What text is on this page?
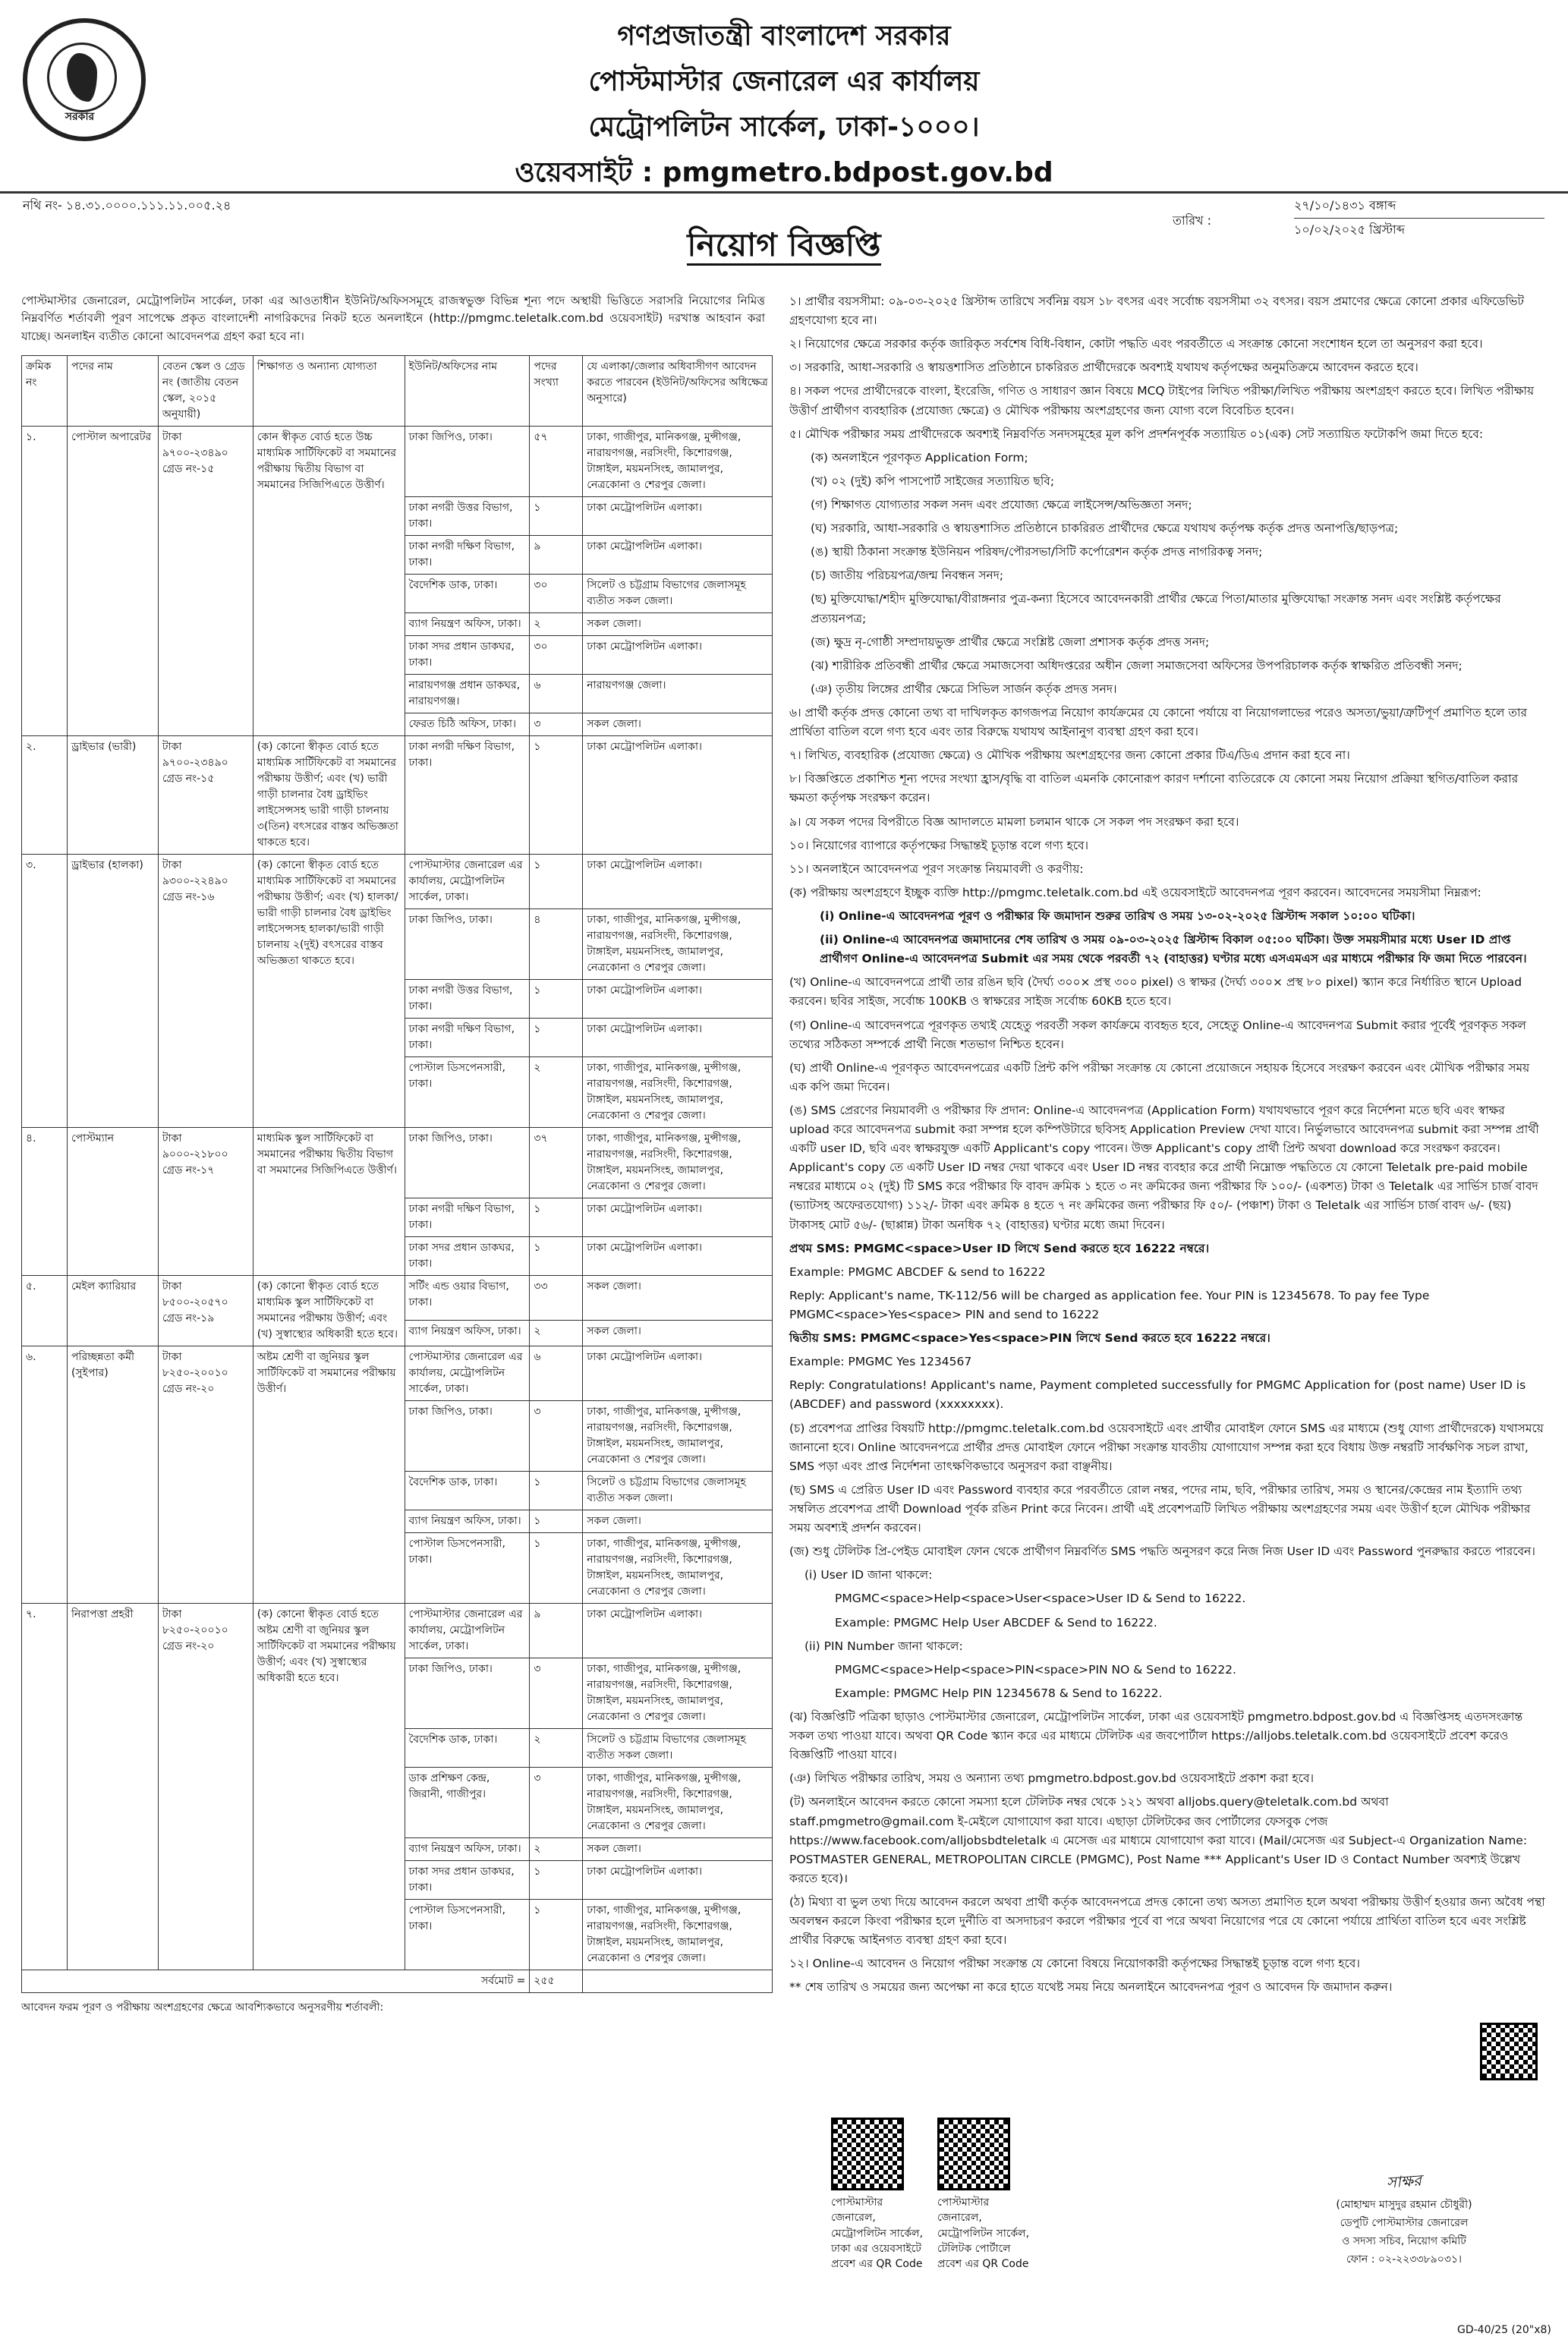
সরকার
গণপ্রজাতন্ত্রী বাংলাদেশ সরকার
পোস্টমাস্টার জেনারেল এর কার্যালয়
মেট্রোপলিটন সার্কেল, ঢাকা-১০০০।
ওয়েবসাইট : pmgmetro.bdpost.gov.bd
নথি নং- ১৪.৩১.০০০০.১১১.১১.০০৫.২৪
তারিখ :
২৭/১০/১৪৩১ বঙ্গাব্দ
১০/০২/২০২৫ খ্রিস্টাব্দ
নিয়োগ বিজ্ঞপ্তি
পোস্টমাস্টার জেনারেল, মেট্রোপলিটন সার্কেল, ঢাকা এর আওতাধীন ইউনিট/অফিসসমূহে রাজস্বভুক্ত বিভিন্ন শূন্য পদে অস্থায়ী ভিত্তিতে সরাসরি নিয়োগের নিমিত্ত নিম্নবর্ণিত শর্তাবলী পূরণ সাপেক্ষে প্রকৃত বাংলাদেশী নাগরিকদের নিকট হতে অনলাইনে (http://pmgmc.teletalk.com.bd ওয়েবসাইট) দরখাস্ত আহবান করা যাচ্ছে। অনলাইন ব্যতীত কোনো আবেদনপত্র গ্রহণ করা হবে না।
ক্রমিক নং	পদের নাম	বেতন স্কেল ও গ্রেড নং (জাতীয় বেতন স্কেল, ২০১৫ অনুযায়ী)	শিক্ষাগত ও অন্যান্য যোগ্যতা	ইউনিট/অফিসের নাম	পদের সংখ্যা	যে এলাকা/জেলার অধিবাসীগণ আবেদন করতে পারবেন (ইউনিট/অফিসের অধিক্ষেত্র অনুসারে)
১.	পোস্টাল অপারেটর	টাকা ৯৭০০-২৩৪৯০ গ্রেড নং-১৫	কোন স্বীকৃত বোর্ড হতে উচ্চ মাধ্যমিক সার্টিফিকেট বা সমমানের পরীক্ষায় দ্বিতীয় বিভাগ বা সমমানের সিজিপিএতে উত্তীর্ণ।	ঢাকা জিপিও, ঢাকা।	৫৭	ঢাকা, গাজীপুর, মানিকগঞ্জ, মুন্সীগঞ্জ, নারায়ণগঞ্জ, নরসিংদী, কিশোরগঞ্জ, টাঙ্গাইল, ময়মনসিংহ, জামালপুর, নেত্রকোনা ও শেরপুর জেলা।
				ঢাকা নগরী উত্তর বিভাগ, ঢাকা।	১	ঢাকা মেট্রোপলিটন এলাকা।
				ঢাকা নগরী দক্ষিণ বিভাগ, ঢাকা।	৯	ঢাকা মেট্রোপলিটন এলাকা।
				বৈদেশিক ডাক, ঢাকা।	৩০	সিলেট ও চট্টগ্রাম বিভাগের জেলাসমূহ ব্যতীত সকল জেলা।
				ব্যাগ নিয়ন্ত্রণ অফিস, ঢাকা।	২	সকল জেলা।
				ঢাকা সদর প্রধান ডাকঘর, ঢাকা।	৩০	ঢাকা মেট্রোপলিটন এলাকা।
				নারায়ণগঞ্জ প্রধান ডাকঘর, নারায়ণগঞ্জ।	৬	নারায়ণগঞ্জ জেলা।
				ফেরত চিঠি অফিস, ঢাকা।	৩	সকল জেলা।
২.	ড্রাইভার (ভারী)	টাকা ৯৭০০-২৩৪৯০ গ্রেড নং-১৫	(ক) কোনো স্বীকৃত বোর্ড হতে মাধ্যমিক সার্টিফিকেট বা সমমানের পরীক্ষায় উত্তীর্ণ; এবং (খ) ভারী গাড়ী চালনার বৈধ ড্রাইভিং লাইসেন্সসহ ভারী গাড়ী চালনায় ৩(তিন) বৎসরের বাস্তব অভিজ্ঞতা থাকতে হবে।	ঢাকা নগরী দক্ষিণ বিভাগ, ঢাকা।	১	ঢাকা মেট্রোপলিটন এলাকা।
৩.	ড্রাইভার (হালকা)	টাকা ৯৩০০-২২৪৯০ গ্রেড নং-১৬	(ক) কোনো স্বীকৃত বোর্ড হতে মাধ্যমিক সার্টিফিকেট বা সমমানের পরীক্ষায় উত্তীর্ণ; এবং (খ) হালকা/ভারী গাড়ী চালনার বৈধ ড্রাইভিং লাইসেন্সসহ হালকা/ভারী গাড়ী চালনায় ২(দুই) বৎসরের বাস্তব অভিজ্ঞতা থাকতে হবে।	পোস্টমাস্টার জেনারেল এর কার্যালয়, মেট্রোপলিটন সার্কেল, ঢাকা।	১	ঢাকা মেট্রোপলিটন এলাকা।
				ঢাকা জিপিও, ঢাকা।	৪	ঢাকা, গাজীপুর, মানিকগঞ্জ, মুন্সীগঞ্জ, নারায়ণগঞ্জ, নরসিংদী, কিশোরগঞ্জ, টাঙ্গাইল, ময়মনসিংহ, জামালপুর, নেত্রকোনা ও শেরপুর জেলা।
				ঢাকা নগরী উত্তর বিভাগ, ঢাকা।	১	ঢাকা মেট্রোপলিটন এলাকা।
				ঢাকা নগরী দক্ষিণ বিভাগ, ঢাকা।	১	ঢাকা মেট্রোপলিটন এলাকা।
				পোস্টাল ডিসপেনসারী, ঢাকা।	২	ঢাকা, গাজীপুর, মানিকগঞ্জ, মুন্সীগঞ্জ, নারায়ণগঞ্জ, নরসিংদী, কিশোরগঞ্জ, টাঙ্গাইল, ময়মনসিংহ, জামালপুর, নেত্রকোনা ও শেরপুর জেলা।
৪.	পোস্টম্যান	টাকা ৯০০০-২১৮০০ গ্রেড নং-১৭	মাধ্যমিক স্কুল সার্টিফিকেট বা সমমানের পরীক্ষায় দ্বিতীয় বিভাগ বা সমমানের সিজিপিএতে উত্তীর্ণ।	ঢাকা জিপিও, ঢাকা।	৩৭	ঢাকা, গাজীপুর, মানিকগঞ্জ, মুন্সীগঞ্জ, নারায়ণগঞ্জ, নরসিংদী, কিশোরগঞ্জ, টাঙ্গাইল, ময়মনসিংহ, জামালপুর, নেত্রকোনা ও শেরপুর জেলা।
				ঢাকা নগরী দক্ষিণ বিভাগ, ঢাকা।	১	ঢাকা মেট্রোপলিটন এলাকা।
				ঢাকা সদর প্রধান ডাকঘর, ঢাকা।	১	ঢাকা মেট্রোপলিটন এলাকা।
৫.	মেইল ক্যারিয়ার	টাকা ৮৫০০-২০৫৭০ গ্রেড নং-১৯	(ক) কোনো স্বীকৃত বোর্ড হতে মাধ্যমিক স্কুল সার্টিফিকেট বা সমমানের পরীক্ষায় উত্তীর্ণ; এবং (খ) সুস্বাস্থ্যের অধিকারী হতে হবে।	সর্টিং এন্ড ওয়ার বিভাগ, ঢাকা।	৩৩	সকল জেলা।
				ব্যাগ নিয়ন্ত্রণ অফিস, ঢাকা।	২	সকল জেলা।
৬.	পরিচ্ছন্নতা কর্মী (সুইপার)	টাকা ৮২৫০-২০০১০ গ্রেড নং-২০	অষ্টম শ্রেণী বা জুনিয়র স্কুল সার্টিফিকেট বা সমমানের পরীক্ষায় উত্তীর্ণ।	পোস্টমাস্টার জেনারেল এর কার্যালয়, মেট্রোপলিটন সার্কেল, ঢাকা।	৬	ঢাকা মেট্রোপলিটন এলাকা।
				ঢাকা জিপিও, ঢাকা।	৩	ঢাকা, গাজীপুর, মানিকগঞ্জ, মুন্সীগঞ্জ, নারায়ণগঞ্জ, নরসিংদী, কিশোরগঞ্জ, টাঙ্গাইল, ময়মনসিংহ, জামালপুর, নেত্রকোনা ও শেরপুর জেলা।
				বৈদেশিক ডাক, ঢাকা।	১	সিলেট ও চট্টগ্রাম বিভাগের জেলাসমূহ ব্যতীত সকল জেলা।
				ব্যাগ নিয়ন্ত্রণ অফিস, ঢাকা।	১	সকল জেলা।
				পোস্টাল ডিসপেনসারী, ঢাকা।	১	ঢাকা, গাজীপুর, মানিকগঞ্জ, মুন্সীগঞ্জ, নারায়ণগঞ্জ, নরসিংদী, কিশোরগঞ্জ, টাঙ্গাইল, ময়মনসিংহ, জামালপুর, নেত্রকোনা ও শেরপুর জেলা।
৭.	নিরাপত্তা প্রহরী	টাকা ৮২৫০-২০০১০ গ্রেড নং-২০	(ক) কোনো স্বীকৃত বোর্ড হতে অষ্টম শ্রেণী বা জুনিয়র স্কুল সার্টিফিকেট বা সমমানের পরীক্ষায় উত্তীর্ণ; এবং (খ) সুস্বাস্থ্যের অধিকারী হতে হবে।	পোস্টমাস্টার জেনারেল এর কার্যালয়, মেট্রোপলিটন সার্কেল, ঢাকা।	৯	ঢাকা মেট্রোপলিটন এলাকা।
				ঢাকা জিপিও, ঢাকা।	৩	ঢাকা, গাজীপুর, মানিকগঞ্জ, মুন্সীগঞ্জ, নারায়ণগঞ্জ, নরসিংদী, কিশোরগঞ্জ, টাঙ্গাইল, ময়মনসিংহ, জামালপুর, নেত্রকোনা ও শেরপুর জেলা।
				বৈদেশিক ডাক, ঢাকা।	২	সিলেট ও চট্টগ্রাম বিভাগের জেলাসমূহ ব্যতীত সকল জেলা।
				ডাক প্রশিক্ষণ কেন্দ্র, জিরানী, গাজীপুর।	৩	ঢাকা, গাজীপুর, মানিকগঞ্জ, মুন্সীগঞ্জ, নারায়ণগঞ্জ, নরসিংদী, কিশোরগঞ্জ, টাঙ্গাইল, ময়মনসিংহ, জামালপুর, নেত্রকোনা ও শেরপুর জেলা।
				ব্যাগ নিয়ন্ত্রণ অফিস, ঢাকা।	২	সকল জেলা।
				ঢাকা সদর প্রধান ডাকঘর, ঢাকা।	১	ঢাকা মেট্রোপলিটন এলাকা।
				পোস্টাল ডিসপেনসারী, ঢাকা।	১	ঢাকা, গাজীপুর, মানিকগঞ্জ, মুন্সীগঞ্জ, নারায়ণগঞ্জ, নরসিংদী, কিশোরগঞ্জ, টাঙ্গাইল, ময়মনসিংহ, জামালপুর, নেত্রকোনা ও শেরপুর জেলা।
সর্বমোট =					২৫৫	
আবেদন ফরম পূরণ ও পরীক্ষায় অংশগ্রহণের ক্ষেত্রে আবশ্যিকভাবে অনুসরণীয় শর্তাবলী:

১। প্রার্থীর বয়সসীমা: ০৯-০৩-২০২৫ খ্রিস্টাব্দ তারিখে সর্বনিম্ন বয়স ১৮ বৎসর এবং সর্বোচ্চ বয়সসীমা ৩২ বৎসর। বয়স প্রমাণের ক্ষেত্রে কোনো প্রকার এফিডেভিট গ্রহণযোগ্য হবে না।

২। নিয়োগের ক্ষেত্রে সরকার কর্তৃক জারিকৃত সর্বশেষ বিধি-বিধান, কোটা পদ্ধতি এবং পরবর্তীতে এ সংক্রান্ত কোনো সংশোধন হলে তা অনুসরণ করা হবে।

৩। সরকারি, আধা-সরকারি ও স্বায়ত্তশাসিত প্রতিষ্ঠানে চাকরিরত প্রার্থীদেরকে অবশ্যই যথাযথ কর্তৃপক্ষের অনুমতিক্রমে আবেদন করতে হবে।

৪। সকল পদের প্রার্থীদেরকে বাংলা, ইংরেজি, গণিত ও সাধারণ জ্ঞান বিষয়ে MCQ টাইপের লিখিত পরীক্ষা/লিখিত পরীক্ষায় অংশগ্রহণ করতে হবে। লিখিত পরীক্ষায় উত্তীর্ণ প্রার্থীগণ ব্যবহারিক (প্রযোজ্য ক্ষেত্রে) ও মৌখিক পরীক্ষায় অংশগ্রহণের জন্য যোগ্য বলে বিবেচিত হবেন।

৫। মৌখিক পরীক্ষার সময় প্রার্থীদেরকে অবশ্যই নিম্নবর্ণিত সনদসমূহের মূল কপি প্রদর্শনপূর্বক সত্যায়িত ০১(এক) সেট সত্যায়িত ফটোকপি জমা দিতে হবে:

(ক) অনলাইনে পূরণকৃত Application Form;

(খ) ০২ (দুই) কপি পাসপোর্ট সাইজের সত্যায়িত ছবি;

(গ) শিক্ষাগত যোগ্যতার সকল সনদ এবং প্রযোজ্য ক্ষেত্রে লাইসেন্স/অভিজ্ঞতা সনদ;

(ঘ) সরকারি, আধা-সরকারি ও স্বায়ত্তশাসিত প্রতিষ্ঠানে চাকরিরত প্রার্থীদের ক্ষেত্রে যথাযথ কর্তৃপক্ষ কর্তৃক প্রদত্ত অনাপত্তি/ছাড়পত্র;

(ঙ) স্থায়ী ঠিকানা সংক্রান্ত ইউনিয়ন পরিষদ/পৌরসভা/সিটি কর্পোরেশন কর্তৃক প্রদত্ত নাগরিকত্ব সনদ;

(চ) জাতীয় পরিচয়পত্র/জন্ম নিবন্ধন সনদ;

(ছ) মুক্তিযোদ্ধা/শহীদ মুক্তিযোদ্ধা/বীরাঙ্গনার পুত্র-কন্যা হিসেবে আবেদনকারী প্রার্থীর ক্ষেত্রে পিতা/মাতার মুক্তিযোদ্ধা সংক্রান্ত সনদ এবং সংশ্লিষ্ট কর্তৃপক্ষের প্রত্যয়নপত্র;

(জ) ক্ষুদ্র নৃ-গোষ্ঠী সম্প্রদায়ভুক্ত প্রার্থীর ক্ষেত্রে সংশ্লিষ্ট জেলা প্রশাসক কর্তৃক প্রদত্ত সনদ;

(ঝ) শারীরিক প্রতিবন্ধী প্রার্থীর ক্ষেত্রে সমাজসেবা অধিদপ্তরের অধীন জেলা সমাজসেবা অফিসের উপপরিচালক কর্তৃক স্বাক্ষরিত প্রতিবন্ধী সনদ;

(ঞ) তৃতীয় লিঙ্গের প্রার্থীর ক্ষেত্রে সিভিল সার্জন কর্তৃক প্রদত্ত সনদ।

৬। প্রার্থী কর্তৃক প্রদত্ত কোনো তথ্য বা দাখিলকৃত কাগজপত্র নিয়োগ কার্যক্রমের যে কোনো পর্যায়ে বা নিয়োগলাভের পরেও অসত্য/ভুয়া/ত্রুটিপূর্ণ প্রমাণিত হলে তার প্রার্থিতা বাতিল বলে গণ্য হবে এবং তার বিরুদ্ধে যথাযথ আইনানুগ ব্যবস্থা গ্রহণ করা হবে।

৭। লিখিত, ব্যবহারিক (প্রযোজ্য ক্ষেত্রে) ও মৌখিক পরীক্ষায় অংশগ্রহণের জন্য কোনো প্রকার টিএ/ডিএ প্রদান করা হবে না।

৮। বিজ্ঞপ্তিতে প্রকাশিত শূন্য পদের সংখ্যা হ্রাস/বৃদ্ধি বা বাতিল এমনকি কোনোরূপ কারণ দর্শানো ব্যতিরেকে যে কোনো সময় নিয়োগ প্রক্রিয়া স্থগিত/বাতিল করার ক্ষমতা কর্তৃপক্ষ সংরক্ষণ করেন।

৯। যে সকল পদের বিপরীতে বিজ্ঞ আদালতে মামলা চলমান থাকে সে সকল পদ সংরক্ষণ করা হবে।

১০। নিয়োগের ব্যাপারে কর্তৃপক্ষের সিদ্ধান্তই চূড়ান্ত বলে গণ্য হবে।

১১। অনলাইনে আবেদনপত্র পূরণ সংক্রান্ত নিয়মাবলী ও করণীয়:

(ক) পরীক্ষায় অংশগ্রহণে ইচ্ছুক ব্যক্তি http://pmgmc.teletalk.com.bd এই ওয়েবসাইটে আবেদনপত্র পূরণ করবেন। আবেদনের সময়সীমা নিম্নরূপ:

(i) Online-এ আবেদনপত্র পূরণ ও পরীক্ষার ফি জমাদান শুরুর তারিখ ও সময় ১৩-০২-২০২৫ খ্রিস্টাব্দ সকাল ১০:০০ ঘটিকা।

(ii) Online-এ আবেদনপত্র জমাদানের শেষ তারিখ ও সময় ০৯-০৩-২০২৫ খ্রিস্টাব্দ বিকাল ০৫:০০ ঘটিকা। উক্ত সময়সীমার মধ্যে User ID প্রাপ্ত প্রার্থীগণ Online-এ আবেদনপত্র Submit এর সময় থেকে পরবর্তী ৭২ (বাহাত্তর) ঘণ্টার মধ্যে এসএমএস এর মাধ্যমে পরীক্ষার ফি জমা দিতে পারবেন।

(খ) Online-এ আবেদনপত্রে প্রার্থী তার রঙিন ছবি (দৈর্ঘ্য ৩০০× প্রস্থ ৩০০ pixel) ও স্বাক্ষর (দৈর্ঘ্য ৩০০× প্রস্থ ৮০ pixel) স্ক্যান করে নির্ধারিত স্থানে Upload করবেন। ছবির সাইজ, সর্বোচ্চ 100KB ও স্বাক্ষরের সাইজ সর্বোচ্চ 60KB হতে হবে।

(গ) Online-এ আবেদনপত্রে পূরণকৃত তথ্যই যেহেতু পরবর্তী সকল কার্যক্রমে ব্যবহৃত হবে, সেহেতু Online-এ আবেদনপত্র Submit করার পূর্বেই পূরণকৃত সকল তথ্যের সঠিকতা সম্পর্কে প্রার্থী নিজে শতভাগ নিশ্চিত হবেন।

(ঘ) প্রার্থী Online-এ পূরণকৃত আবেদনপত্রের একটি প্রিন্ট কপি পরীক্ষা সংক্রান্ত যে কোনো প্রয়োজনে সহায়ক হিসেবে সংরক্ষণ করবেন এবং মৌখিক পরীক্ষার সময় এক কপি জমা দিবেন।

(ঙ) SMS প্রেরণের নিয়মাবলী ও পরীক্ষার ফি প্রদান: Online-এ আবেদনপত্র (Application Form) যথাযথভাবে পূরণ করে নির্দেশনা মতে ছবি এবং স্বাক্ষর upload করে আবেদনপত্র submit করা সম্পন্ন হলে কম্পিউটারে ছবিসহ Application Preview দেখা যাবে। নির্ভুলভাবে আবেদনপত্র submit করা সম্পন্ন প্রার্থী একটি user ID, ছবি এবং স্বাক্ষরযুক্ত একটি Applicant's copy পাবেন। উক্ত Applicant's copy প্রার্থী প্রিন্ট অথবা download করে সংরক্ষণ করবেন। Applicant's copy তে একটি User ID নম্বর দেয়া থাকবে এবং User ID নম্বর ব্যবহার করে প্রার্থী নিম্নোক্ত পদ্ধতিতে যে কোনো Teletalk pre-paid mobile নম্বরের মাধ্যমে ০২ (দুই) টি SMS করে পরীক্ষার ফি বাবদ ক্রমিক ১ হতে ৩ নং ক্রমিকের জন্য পরীক্ষার ফি ১০০/- (একশত) টাকা ও Teletalk এর সার্ভিস চার্জ বাবদ (ভ্যাটসহ অফেরতযোগ্য) ১১২/- টাকা এবং ক্রমিক ৪ হতে ৭ নং ক্রমিকের জন্য পরীক্ষার ফি ৫০/- (পঞ্চাশ) টাকা ও Teletalk এর সার্ভিস চার্জ বাবদ ৬/- (ছয়) টাকাসহ মোট ৫৬/- (ছাপ্পান্ন) টাকা অনধিক ৭২ (বাহাত্তর) ঘণ্টার মধ্যে জমা দিবেন।

প্রথম SMS: PMGMC<space>User ID লিখে Send করতে হবে 16222 নম্বরে।

Example: PMGMC ABCDEF & send to 16222

Reply: Applicant's name, TK-112/56 will be charged as application fee. Your PIN is 12345678. To pay fee Type PMGMC<space>Yes<space> PIN and send to 16222

দ্বিতীয় SMS: PMGMC<space>Yes<space>PIN লিখে Send করতে হবে 16222 নম্বরে।

Example: PMGMC Yes 1234567

Reply: Congratulations! Applicant's name, Payment completed successfully for PMGMC Application for (post name) User ID is (ABCDEF) and password (xxxxxxxx).

(চ) প্রবেশপত্র প্রাপ্তির বিষয়টি http://pmgmc.teletalk.com.bd ওয়েবসাইটে এবং প্রার্থীর মোবাইল ফোনে SMS এর মাধ্যমে (শুধু যোগ্য প্রার্থীদেরকে) যথাসময়ে জানানো হবে। Online আবেদনপত্রে প্রার্থীর প্রদত্ত মোবাইল ফোনে পরীক্ষা সংক্রান্ত যাবতীয় যোগাযোগ সম্পন্ন করা হবে বিধায় উক্ত নম্বরটি সার্বক্ষণিক সচল রাখা, SMS পড়া এবং প্রাপ্ত নির্দেশনা তাৎক্ষণিকভাবে অনুসরণ করা বাঞ্ছনীয়।

(ছ) SMS এ প্রেরিত User ID এবং Password ব্যবহার করে পরবর্তীতে রোল নম্বর, পদের নাম, ছবি, পরীক্ষার তারিখ, সময় ও স্থানের/কেন্দ্রের নাম ইত্যাদি তথ্য সম্বলিত প্রবেশপত্র প্রার্থী Download পূর্বক রঙিন Print করে নিবেন। প্রার্থী এই প্রবেশপত্রটি লিখিত পরীক্ষায় অংশগ্রহণের সময় এবং উত্তীর্ণ হলে মৌখিক পরীক্ষার সময় অবশ্যই প্রদর্শন করবেন।

(জ) শুধু টেলিটক প্রি-পেইড মোবাইল ফোন থেকে প্রার্থীগণ নিম্নবর্ণিত SMS পদ্ধতি অনুসরণ করে নিজ নিজ User ID এবং Password পুনরুদ্ধার করতে পারবেন।

(i) User ID জানা থাকলে:

PMGMC<space>Help<space>User<space>User ID & Send to 16222.

Example: PMGMC Help User ABCDEF & Send to 16222.

(ii) PIN Number জানা থাকলে:

PMGMC<space>Help<space>PIN<space>PIN NO & Send to 16222.

Example: PMGMC Help PIN 12345678 & Send to 16222.

(ঝ) বিজ্ঞপ্তিটি পত্রিকা ছাড়াও পোস্টমাস্টার জেনারেল, মেট্রোপলিটন সার্কেল, ঢাকা এর ওয়েবসাইট pmgmetro.bdpost.gov.bd এ বিজ্ঞপ্তিসহ এতদসংক্রান্ত সকল তথ্য পাওয়া যাবে। অথবা QR Code স্ক্যান করে এর মাধ্যমে টেলিটক এর জবপোর্টাল https://alljobs.teletalk.com.bd ওয়েবসাইটে প্রবেশ করেও বিজ্ঞপ্তিটি পাওয়া যাবে।

(ঞ) লিখিত পরীক্ষার তারিখ, সময় ও অন্যান্য তথ্য pmgmetro.bdpost.gov.bd ওয়েবসাইটে প্রকাশ করা হবে।

(ট) অনলাইনে আবেদন করতে কোনো সমস্যা হলে টেলিটক নম্বর থেকে ১২১ অথবা alljobs.query@teletalk.com.bd অথবা staff.pmgmetro@gmail.com ই-মেইলে যোগাযোগ করা যাবে। এছাড়া টেলিটকের জব পোর্টালের ফেসবুক পেজ https://www.facebook.com/alljobsbdteletalk এ মেসেজ এর মাধ্যমে যোগাযোগ করা যাবে। (Mail/মেসেজ এর Subject-এ Organization Name: POSTMASTER GENERAL, METROPOLITAN CIRCLE (PMGMC), Post Name *** Applicant's User ID ও Contact Number অবশ্যই উল্লেখ করতে হবে)।

(ঠ) মিথ্যা বা ভুল তথ্য দিয়ে আবেদন করলে অথবা প্রার্থী কর্তৃক আবেদনপত্রে প্রদত্ত কোনো তথ্য অসত্য প্রমাণিত হলে অথবা পরীক্ষায় উত্তীর্ণ হওয়ার জন্য অবৈধ পন্থা অবলম্বন করলে কিংবা পরীক্ষার হলে দুর্নীতি বা অসদাচরণ করলে পরীক্ষার পূর্বে বা পরে অথবা নিয়োগের পরে যে কোনো পর্যায়ে প্রার্থিতা বাতিল হবে এবং সংশ্লিষ্ট প্রার্থীর বিরুদ্ধে আইনগত ব্যবস্থা গ্রহণ করা হবে।

১২। Online-এ আবেদন ও নিয়োগ পরীক্ষা সংক্রান্ত যে কোনো বিষয়ে নিয়োগকারী কর্তৃপক্ষের সিদ্ধান্তই চূড়ান্ত বলে গণ্য হবে।

** শেষ তারিখ ও সময়ের জন্য অপেক্ষা না করে হাতে যথেষ্ট সময় নিয়ে অনলাইনে আবেদনপত্র পূরণ ও আবেদন ফি জমাদান করুন।

পোস্টমাস্টার জেনারেল, মেট্রোপলিটন সার্কেল, ঢাকা এর ওয়েবসাইটে প্রবেশ এর QR Code
পোস্টমাস্টার জেনারেল, মেট্রোপলিটন সার্কেল, টেলিটক পোর্টালে প্রবেশ এর QR Code
সাক্ষর
(মোহাম্মদ মাসুদুর রহমান চৌধুরী)
ডেপুটি পোস্টমাস্টার জেনারেল
ও সদস্য সচিব, নিয়োগ কমিটি
ফোন : ০২-২২৩৩৮৯০৩১।
GD-40/25 (20"x8)
